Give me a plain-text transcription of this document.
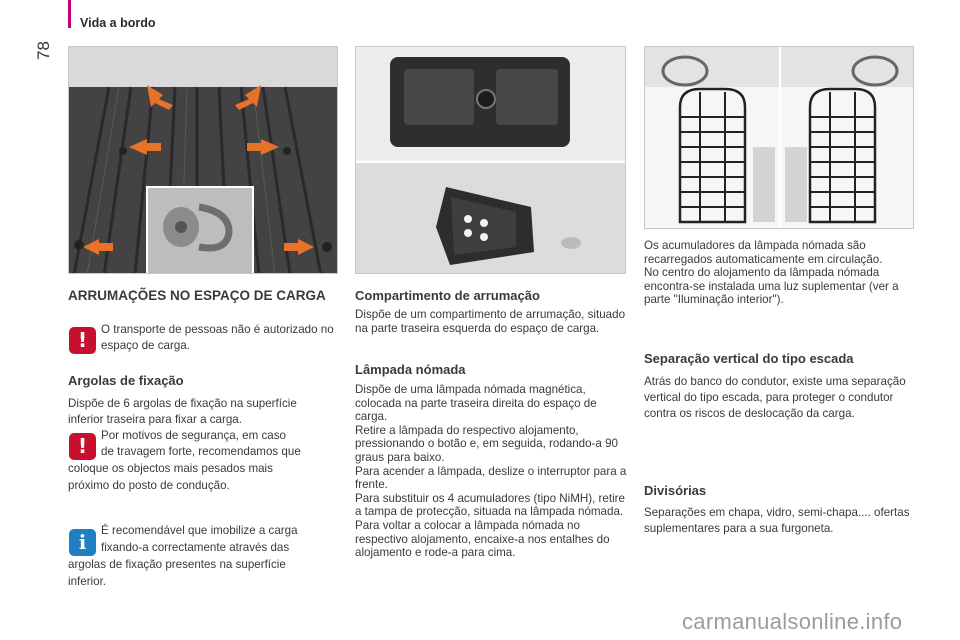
Vida a bordo
78
ARRUMAÇÕES NO ESPAÇO DE CARGA
!	O transporte de pessoas não é autorizado no espaço de carga.
Argolas de fixação
Dispõe de 6 argolas de fixação na superfície
inferior traseira para fixar a carga.
!	Por motivos de segurança, em caso
de travagem forte, recomendamos que
coloque os objectos mais pesados mais
próximo do posto de condução.
i	É recomendável que imobilize a carga
fixando-a correctamente através das
argolas de fixação presentes na superfície
inferior.
Compartimento de arrumação
Dispõe de um compartimento de arrumação, situado na parte traseira esquerda do espaço de carga.
Lâmpada nómada
Dispõe de uma lâmpada nómada magnética, colocada na parte traseira direita do espaço de carga.
Retire a lâmpada do respectivo alojamento, pressionando o botão e, em seguida, rodando-a 90 graus para baixo.
Para acender a lâmpada, deslize o interruptor para a frente.
Para substituir os 4 acumuladores (tipo NiMH), retire a tampa de protecção, situada na lâmpada nómada.
Para voltar a colocar a lâmpada nómada no respectivo alojamento, encaixe-a nos entalhes do alojamento e rode-a para cima.
Os acumuladores da lâmpada nómada são recarregados automaticamente em circulação.
No centro do alojamento da lâmpada nómada encontra-se instalada uma luz suplementar (ver a parte "Iluminação interior").
Separação vertical do tipo escada
Atrás do banco do condutor, existe uma separação vertical do tipo escada, para proteger o condutor contra os riscos de deslocação da carga.
Divisórias
Separações em chapa, vidro, semi-chapa.... ofertas suplementares para a sua furgoneta.
carmanualsonline.info
